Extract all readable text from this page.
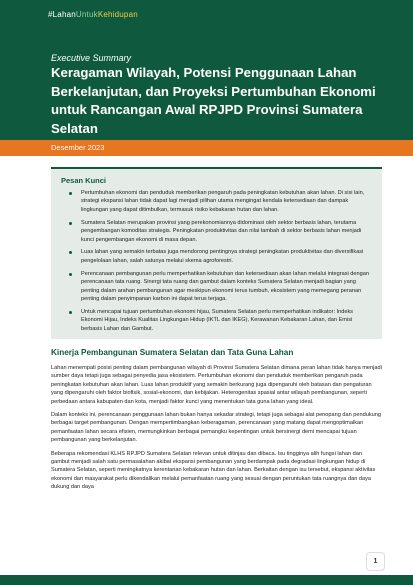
#LahanUntukKehidupan
Executive Summary
Keragaman Wilayah, Potensi Penggunaan Lahan Berkelanjutan, dan Proyeksi Pertumbuhan Ekonomi untuk Rancangan Awal RPJPD Provinsi Sumatera Selatan
Desember 2023
Pesan Kunci
Pertumbuhan ekonomi dan penduduk memberikan pengaruh pada peningkatan kebutuhan akan lahan. Di sisi lain, strategi ekspansi lahan tidak dapat lagi menjadi pilihan utama mengingat kendala ketersediaan dan dampak lingkungan yang dapat ditimbulkan, termasuk risiko kebakaran hutan dan lahan.
Sumatera Selatan merupakan provinsi yang perekonomiannya didominasi oleh sektor berbasis lahan, terutama pengembangan komoditas strategis. Peningkatan produktivitas dan nilai tambah di sektor berbasis lahan menjadi kunci pengembangan ekonomi di masa depan.
Luas lahan yang semakin terbatas juga mendorong pentingnya strategi peningkatan produktivitas dan diversifikasi pengelolaan lahan, salah satunya melalui skema agroforestri.
Perencanaan pembangunan perlu memperhatikan kebutuhan dan ketersediaan akan lahan melalui integrasi dengan perencanaan tata ruang. Sinergi tata ruang dan gambut dalam konteks Sumatera Selatan menjadi bagian yang penting dalam arahan pembangunan agar meskipun ekonomi terus tumbuh, ekosistem yang memegang peranan penting dalam penyimpanan karbon ini dapat terus terjaga.
Untuk mencapai tujuan pertumbuhan ekonomi hijau, Sumatera Selatan perlu memperhatikan indikator: Indeks Ekonomi Hijau, Indeks Kualitas Lingkungan Hidup (IKTL dan IKEG), Kerawanan Kebakaran Lahan, dan Emisi berbasis Lahan dan Gambut.
Kinerja Pembangunan Sumatera Selatan dan Tata Guna Lahan

Lahan menempati posisi penting dalam pembangunan wilayah di Provinsi Sumatera Selatan dimana peran lahan tidak hanya menjadi sumber daya tetapi juga sebagai penyedia jasa ekosistem. Pertumbuhan ekonomi dan penduduk memberikan pengaruh pada peningkatan kebutuhan akan lahan. Luas lahan produktif yang semakin berkurang juga dipengaruhi oleh batasan dan pengaturan yang dipengaruhi oleh faktor biofisik, sosial-ekonomi, dan kebijakan. Heterogenitas spasial antar wilayah pembangunan, seperti perbedaan antara kabupaten dan kota, menjadi faktor kunci yang menentukan tata guna lahan yang ideal.

Dalam konteks ini, perencanaan penggunaan lahan bukan hanya sekadar strategi, tetapi juga sebagai alat penopang dan pendukung berbagai target pembangunan. Dengan mempertimbangkan keberagaman, perencanaan yang matang dapat mengoptimalkan pemanfaatan lahan secara efisien, memungkinkan berbagai pemangku kepentingan untuk bersinergi demi mencapai tujuan pembangunan yang berkelanjutan.

Beberapa rekomendasi KLHS RPJPD Sumatera Selatan relevan untuk ditinjau dan dibaca. Isu tingginya alih fungsi lahan dan gambut menjadi salah satu permasalahan akibat ekspansi pembangunan yang berdampak pada degradasi lingkungan hidup di Sumatera Selatan, seperti meningkatnya kerentanan kebakaran hutan dan lahan. Berkaitan dengan isu tersebut, ekspansi aktivitas ekonomi dan masyarakat perlu dikendalikan melalui pemanfaatan ruang yang sesuai dengan peruntukan tata ruangnya dan daya dukung dan daya

1
